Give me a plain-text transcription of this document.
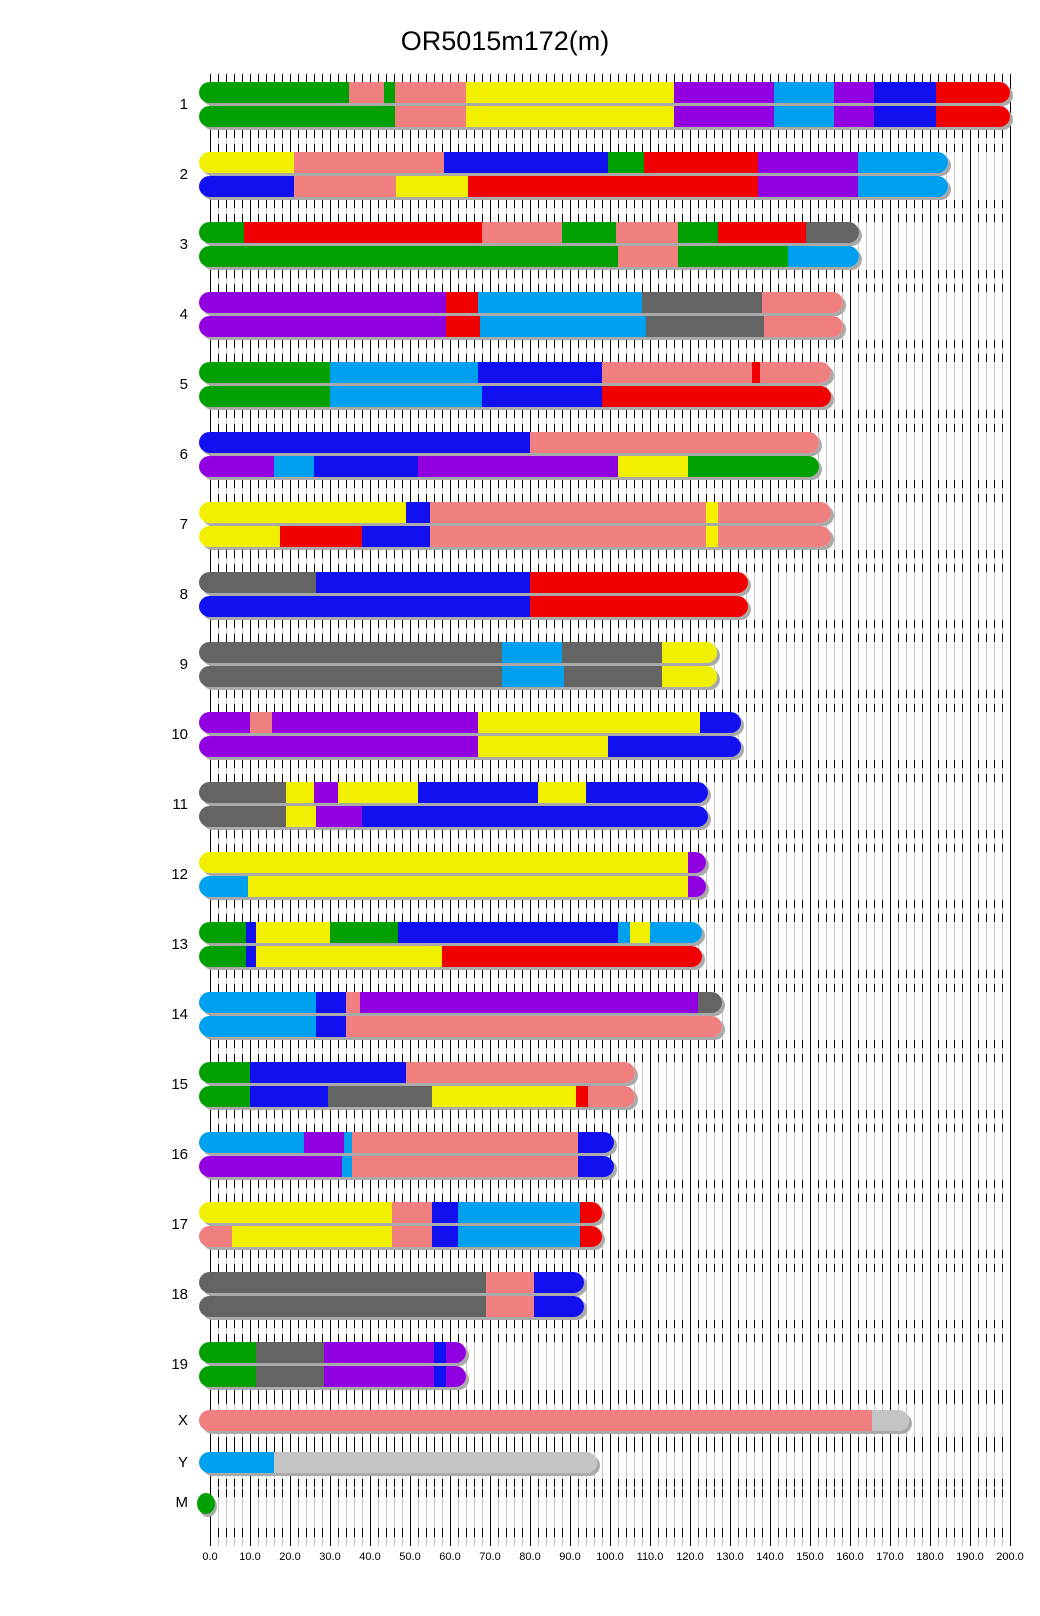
OR5015m172(m)
1
2
3
4
5
6
7
8
9
10
11
12
13
14
15
16
17
18
19
X
Y
M
0.0	10.0	20.0	30.0	40.0	50.0	60.0	70.0	80.0	90.0	100.0	110.0	120.0	130.0	140.0	150.0	160.0	170.0	180.0	190.0	200.0
